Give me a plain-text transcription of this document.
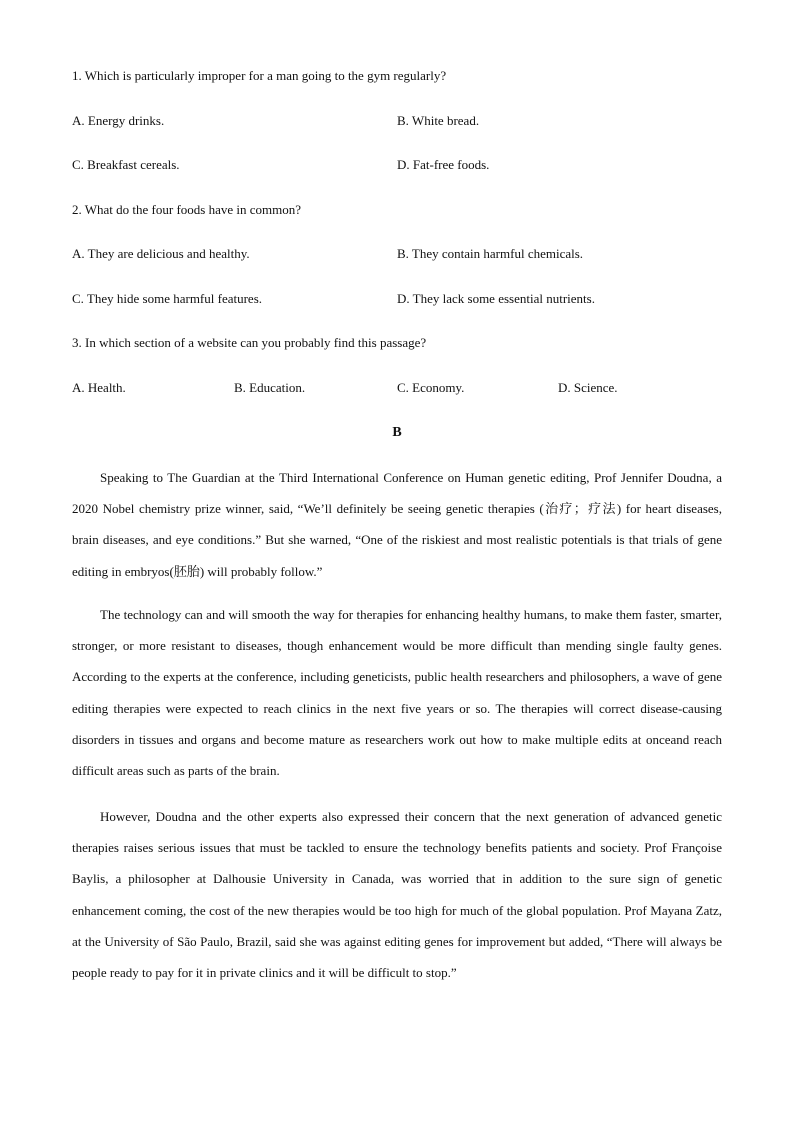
1. Which is particularly improper for a man going to the gym regularly?
A. Energy drinks.	B. White bread.
C. Breakfast cereals.	D. Fat-free foods.
2. What do the four foods have in common?
A. They are delicious and healthy.	B. They contain harmful chemicals.
C. They hide some harmful features.	D. They lack some essential nutrients.
3. In which section of a website can you probably find this passage?
A. Health.	B. Education.	C. Economy.	D. Science.
B

Speaking to The Guardian at the Third International Conference on Human genetic editing, Prof Jennifer Doudna, a 2020 Nobel chemistry prize winner, said, “We’ll definitely be seeing genetic therapies (治疗；疗法) for heart diseases, brain diseases, and eye conditions.” But she warned, “One of the riskiest and most realistic potentials is that trials of gene editing in embryos(胚胎) will probably follow.”

The technology can and will smooth the way for therapies for enhancing healthy humans, to make them faster, smarter, stronger, or more resistant to diseases, though enhancement would be more difficult than mending single faulty genes. According to the experts at the conference, including geneticists, public health researchers and philosophers, a wave of gene editing therapies were expected to reach clinics in the next five years or so. The therapies will correct disease-causing disorders in tissues and organs and become mature as researchers work out how to make multiple edits at onceand reach difficult areas such as parts of the brain.

However, Doudna and the other experts also expressed their concern that the next generation of advanced genetic therapies raises serious issues that must be tackled to ensure the technology benefits patients and society. Prof Françoise Baylis, a philosopher at Dalhousie University in Canada, was worried that in addition to the sure sign of genetic enhancement coming, the cost of the new therapies would be too high for much of the global population. Prof Mayana Zatz, at the University of São Paulo, Brazil, said she was against editing genes for improvement but added, “There will always be people ready to pay for it in private clinics and it will be difficult to stop.”
